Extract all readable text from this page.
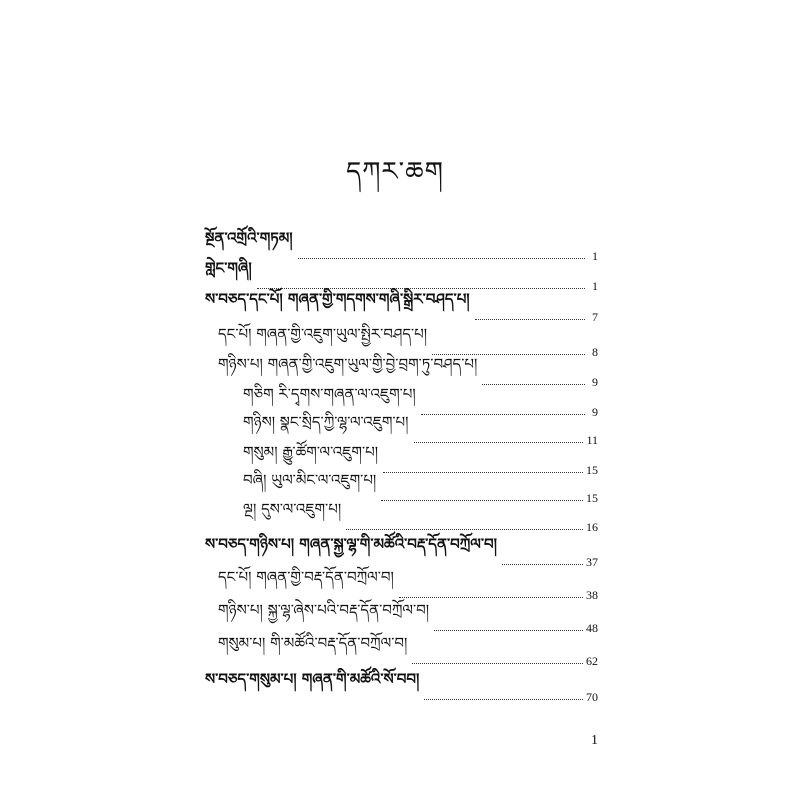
དཀར་ཆག
སྔོན་འགྲོའི་གཏམ།
1
གླེང་གཞི།
1
ས་བཅད་དང་པོ། གཞན་གྱི་གདགས་གཞི་སྒྲིར་བཤད་པ།
7
དང་པོ། གཞན་གྱི་འཇུག་ཡུལ་སྤྱིར་བཤད་པ།
8
གཉིས་པ། གཞན་གྱི་འཇུག་ཡུལ་གྱི་བྱེ་བྲག་ཏུ་བཤད་པ།
9
གཅིག རི་དྭགས་གཞན་ལ་འཇུག་པ།
9
གཉིས། སྣང་སྲིད་ཀྱི་ལྷ་ལ་འཇུག་པ།
11
གསུམ། རྒྱུ་ཚོག་ལ་འཇུག་པ།
15
བཞི། ཡུལ་མིང་ལ་འཇུག་པ།
15
ལྔ། དུས་ལ་འཇུག་པ།
16
ས་བཅད་གཉིས་པ། གཞན་སྐྱ་ལྷ་གི་མཚོའི་བརྡ་དོན་བཀྲོལ་བ།
37
དང་པོ། གཞན་གྱི་བརྡ་དོན་བཀྲོལ་བ།
38
གཉིས་པ། སྐྱ་ལྷ་ཞེས་པའི་བརྡ་དོན་བཀྲོལ་བ།
48
གསུམ་པ། གི་མཚོའི་བརྡ་དོན་བཀྲོལ་བ།
62
ས་བཅད་གསུམ་པ། གཞན་གི་མཚོའི་སོ་བབ།
70
1
